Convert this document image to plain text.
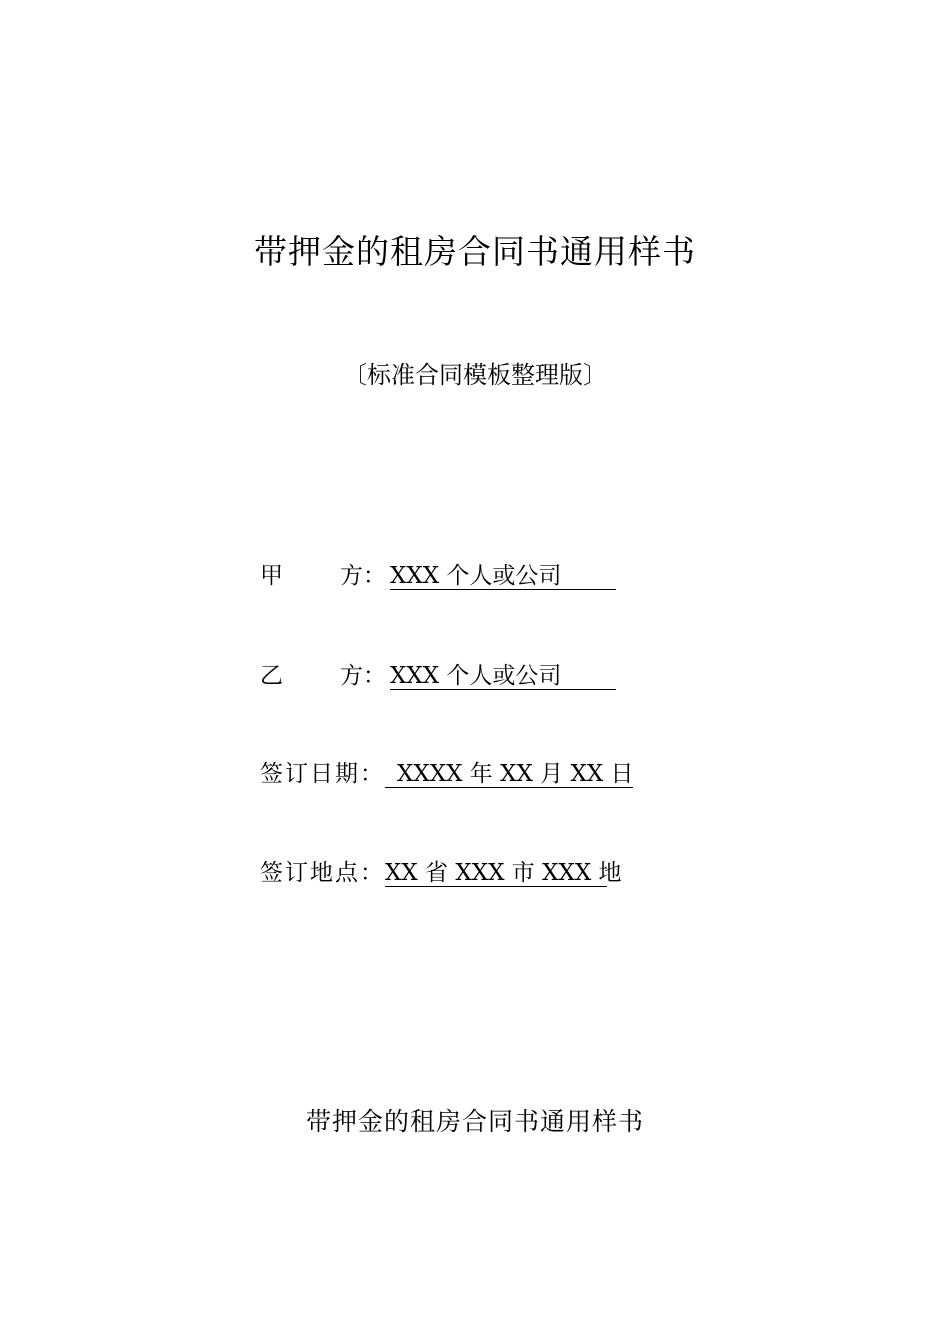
带押金的租房合同书通用样书
〔标准合同模板整理版〕
甲 方： XXX 个人或公司
乙 方： XXX 个人或公司
签订日期： XXXX 年 XX 月 XX 日
签订地点： XX 省 XXX 市 XXX 地
带押金的租房合同书通用样书
